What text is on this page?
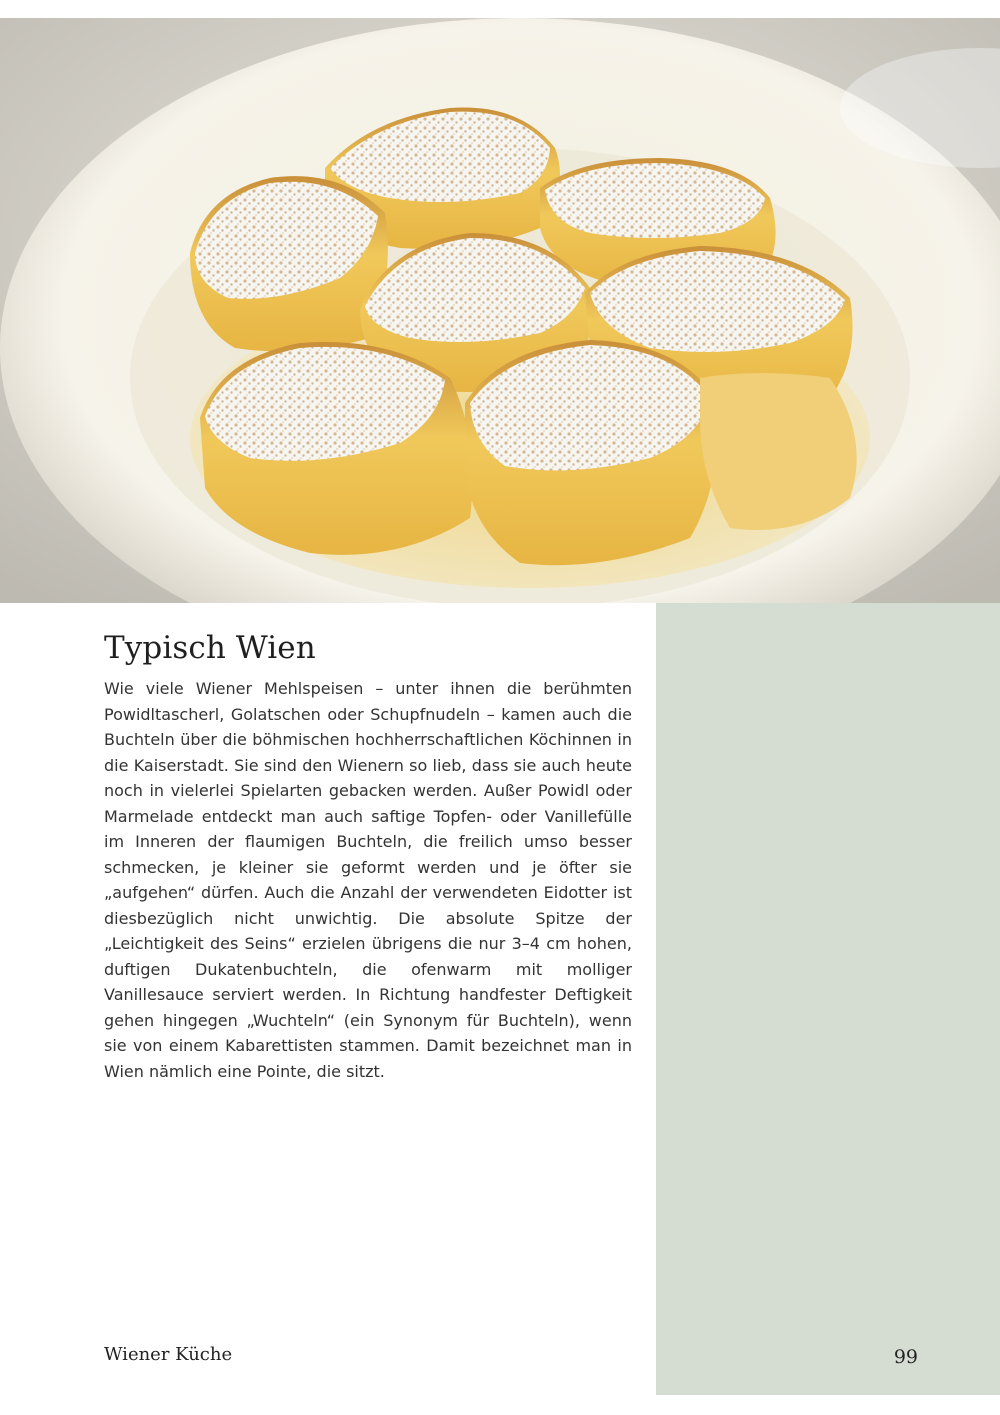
Typisch Wien

Wie viele Wiener Mehlspeisen – unter ihnen die berühmten Powidltascherl, Golatschen oder Schupfnudeln – kamen auch die Buchteln über die böhmischen hochherrschaftlichen Köchinnen in die Kaiserstadt. Sie sind den Wienern so lieb, dass sie auch heute noch in vielerlei Spielarten gebacken werden. Außer Powidl oder Marmelade entdeckt man auch saftige Topfen- oder Vanillefülle im Inneren der flaumigen Buchteln, die freilich umso besser schmecken, je kleiner sie geformt werden und je öfter sie „aufgehen“ dürfen. Auch die Anzahl der verwendeten Eidotter ist diesbezüglich nicht unwichtig. Die absolute Spitze der „Leichtigkeit des Seins“ erzielen übrigens die nur 3–4 cm hohen, duftigen Dukatenbuchteln, die ofenwarm mit molliger Vanillesauce serviert werden. In Richtung handfester Deftigkeit gehen hingegen „Wuchteln“ (ein Synonym für Buchteln), wenn sie von einem Kabarettisten stammen. Damit bezeichnet man in Wien nämlich eine Pointe, die sitzt.

Wiener Küche	99
